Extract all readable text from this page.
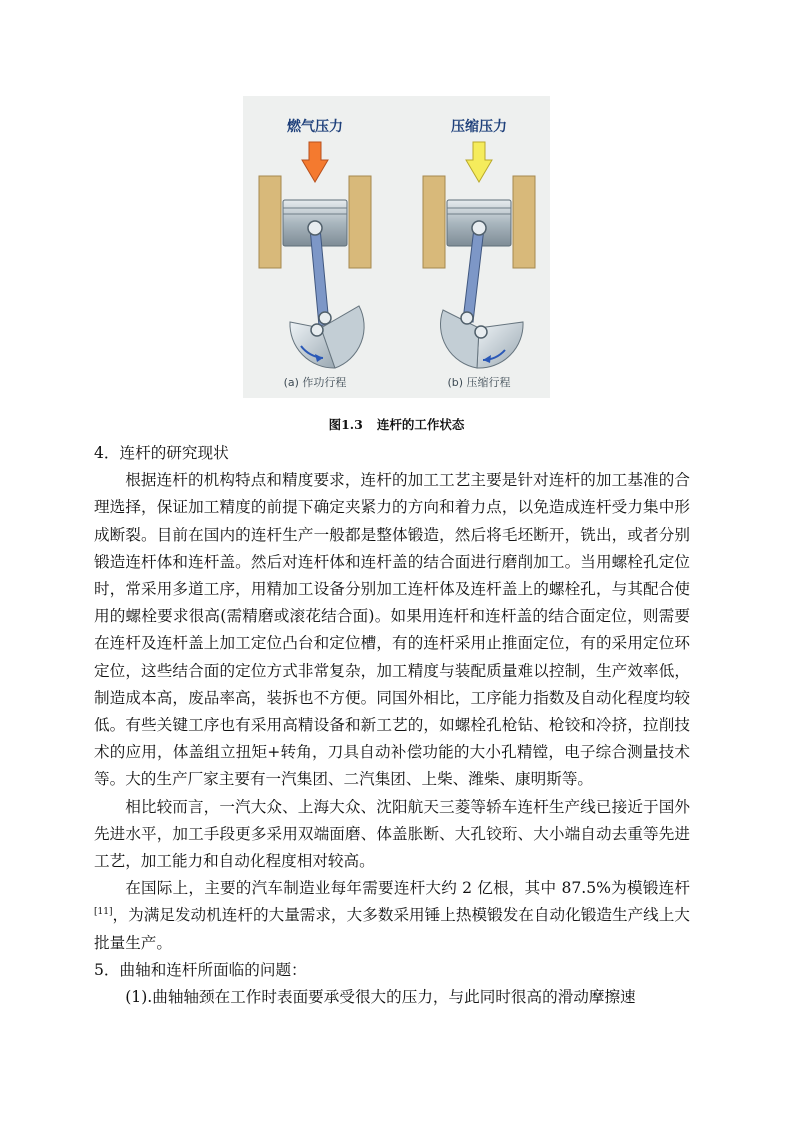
燃气压力
(a) 作功行程
压缩压力
(b) 压缩行程
图1.3 连杆的工作状态

4．连杆的研究现状

根据连杆的机构特点和精度要求，连杆的加工工艺主要是针对连杆的加工基准的合理选择，保证加工精度的前提下确定夹紧力的方向和着力点，以免造成连杆受力集中形成断裂。目前在国内的连杆生产一般都是整体锻造，然后将毛坯断开，铣出，或者分别锻造连杆体和连杆盖。然后对连杆体和连杆盖的结合面进行磨削加工。当用螺栓孔定位时，常采用多道工序，用精加工设备分别加工连杆体及连杆盖上的螺栓孔，与其配合使用的螺栓要求很高(需精磨或滚花结合面)。如果用连杆和连杆盖的结合面定位，则需要在连杆及连杆盖上加工定位凸台和定位槽，有的连杆采用止推面定位，有的采用定位环定位，这些结合面的定位方式非常复杂，加工精度与装配质量难以控制，生产效率低，制造成本高，废品率高，装拆也不方便。同国外相比，工序能力指数及自动化程度均较低。有些关键工序也有采用高精设备和新工艺的，如螺栓孔枪钻、枪铰和冷挤，拉削技术的应用，体盖组立扭矩+转角，刀具自动补偿功能的大小孔精镗，电子综合测量技术等。大的生产厂家主要有一汽集团、二汽集团、上柴、潍柴、康明斯等。

相比较而言，一汽大众、上海大众、沈阳航天三菱等轿车连杆生产线已接近于国外先进水平，加工手段更多采用双端面磨、体盖胀断、大孔铰珩、大小端自动去重等先进工艺，加工能力和自动化程度相对较高。

在国际上，主要的汽车制造业每年需要连杆大约 2 亿根，其中 87.5%为模锻连杆[11]，为满足发动机连杆的大量需求，大多数采用锤上热模锻发在自动化锻造生产线上大批量生产。

5．曲轴和连杆所面临的问题：

(1).曲轴轴颈在工作时表面要承受很大的压力，与此同时很高的滑动摩擦速
